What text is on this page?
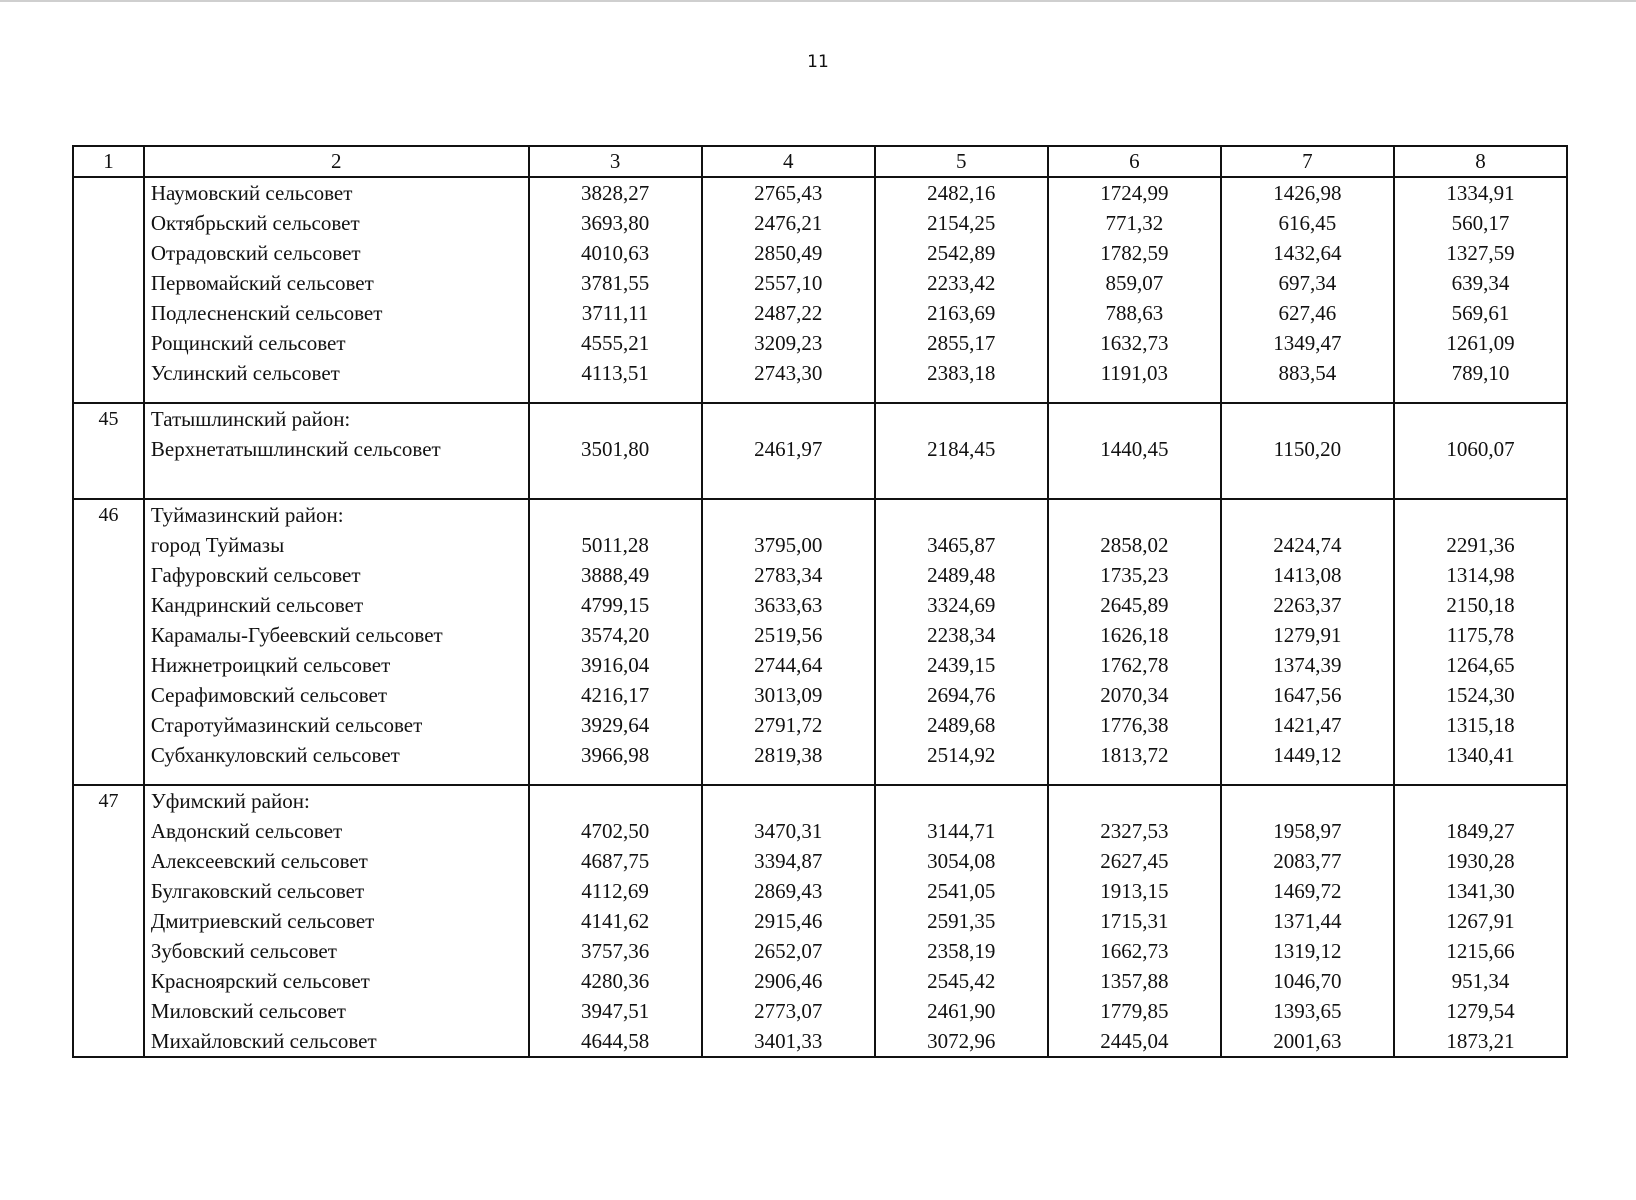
11
1	2	3	4	5	6	7	8
	Наумовский сельсовет	3828,27	2765,43	2482,16	1724,99	1426,98	1334,91
	Октябрьский сельсовет	3693,80	2476,21	2154,25	771,32	616,45	560,17
	Отрадовский сельсовет	4010,63	2850,49	2542,89	1782,59	1432,64	1327,59
	Первомайский сельсовет	3781,55	2557,10	2233,42	859,07	697,34	639,34
	Подлесненский сельсовет	3711,11	2487,22	2163,69	788,63	627,46	569,61
	Рощинский сельсовет	4555,21	3209,23	2855,17	1632,73	1349,47	1261,09
	Услинский сельсовет	4113,51	2743,30	2383,18	1191,03	883,54	789,10

45	Татышлинский район:						
	Верхнетатышлинский сельсовет	3501,80	2461,97	2184,45	1440,45	1150,20	1060,07

46	Туймазинский район:						
	город Туймазы	5011,28	3795,00	3465,87	2858,02	2424,74	2291,36
	Гафуровский сельсовет	3888,49	2783,34	2489,48	1735,23	1413,08	1314,98
	Кандринский сельсовет	4799,15	3633,63	3324,69	2645,89	2263,37	2150,18
	Карамалы-Губеевский сельсовет	3574,20	2519,56	2238,34	1626,18	1279,91	1175,78
	Нижнетроицкий сельсовет	3916,04	2744,64	2439,15	1762,78	1374,39	1264,65
	Серафимовский сельсовет	4216,17	3013,09	2694,76	2070,34	1647,56	1524,30
	Старотуймазинский сельсовет	3929,64	2791,72	2489,68	1776,38	1421,47	1315,18
	Субханкуловский сельсовет	3966,98	2819,38	2514,92	1813,72	1449,12	1340,41

47	Уфимский район:						
	Авдонский сельсовет	4702,50	3470,31	3144,71	2327,53	1958,97	1849,27
	Алексеевский сельсовет	4687,75	3394,87	3054,08	2627,45	2083,77	1930,28
	Булгаковский сельсовет	4112,69	2869,43	2541,05	1913,15	1469,72	1341,30
	Дмитриевский сельсовет	4141,62	2915,46	2591,35	1715,31	1371,44	1267,91
	Зубовский сельсовет	3757,36	2652,07	2358,19	1662,73	1319,12	1215,66
	Красноярский сельсовет	4280,36	2906,46	2545,42	1357,88	1046,70	951,34
	Миловский сельсовет	3947,51	2773,07	2461,90	1779,85	1393,65	1279,54
	Михайловский сельсовет	4644,58	3401,33	3072,96	2445,04	2001,63	1873,21
